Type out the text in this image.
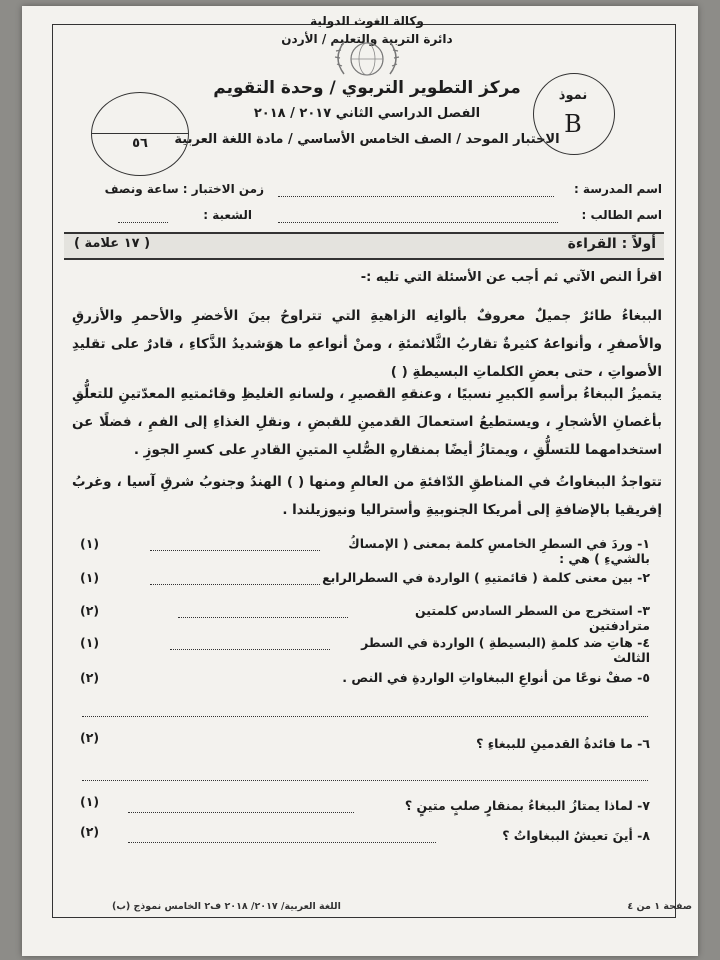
وكالة الغوث الدولية
دائرة التربية والتعليم / الأردن
مركز التطوير التربوي / وحدة التقويم
الفصل الدراسي الثاني ٢٠١٧ / ٢٠١٨
الاختبار الموحد / الصف الخامس الأساسي / مادة اللغة العربية
نموذ
B
٥٦
اسم المدرسة :
زمن الاختبار : ساعة ونصف
اسم الطالب :
الشعبة :
أولاً : القراءة
( ١٧ علامة )
اقرأ النص الآتي ثم أجب عن الأسئلة التي تليه :-
الببغاءُ طائرٌ جميلٌ معروفٌ بألوانِه الزاهيةِ التي تتراوحُ بينَ الأخضرِ والأحمرِ والأزرقِ والأصفرِ ، وأنواعهُ كثيرةٌ تقاربُ الثَّلاثمئةِ ، ومنْ أنواعهِ ما هوَشديدُ الذَّكاءِ ، قادرٌ على تقليدِ الأصواتِ ، حتى بعضِ الكلماتِ البسيطةِ ( )
يتميزُ الببغاءُ برأسهِ الكبيرِ نسبيًا ، وعنقهِ القصيرِ ، ولسانهِ الغليظِ وقائمتيهِ المعدّتينِ للتعلُّقِ بأغصانِ الأشجارِ ، ويستطيعُ استعمالَ القدمينِ للقبضِ ، ونقلِ الغذاءِ إلى الفمِ ، فضلًا عن استخدامهما للتسلُّقِ ، ويمتازُ أيضًا بمنقارهِ الصُّلبِ المتينِ القادرِ على كسرِ الجوزِ .
تتواجدُ الببغاواتُ في المناطقِ الدّافئةِ من العالمِ ومنها ( ) الهندُ وجنوبُ شرقِ آسيا ، وغربُ إفريقيا بالإضافةِ إلى أمريكا الجنوبيةِ وأستراليا ونيوزيلندا .
١- وردَ في السطرِ الخامسِ كلمة بمعنى ( الإمساكُ بالشيءِ ) هي :
(١)
٢- بين معنى كلمة ( قائمتيهِ ) الواردة في السطرالرابع
(١)
٣- استخرج من السطر السادس كلمتين مترادفتين
(٢)
٤- هاتِ ضد كلمةِ (البسيطةِ ) الواردة في السطر الثالث
(١)
٥- صفْ نوعًا من أنواعِ الببغاواتِ الواردةِ في النص .
(٢)
٦- ما فائدةُ القدمينِ للببغاءِ ؟
(٢)
٧- لماذا يمتازُ الببغاءُ بمنقارٍ صلبٍ متينٍ ؟
(١)
٨- أينَ تعيشُ الببغاواتُ ؟
(٢)
صفحة ١ من ٤
اللغة العربية/ ٢٠١٧/ ٢٠١٨ ف٢ الخامس نموذج (ب)
